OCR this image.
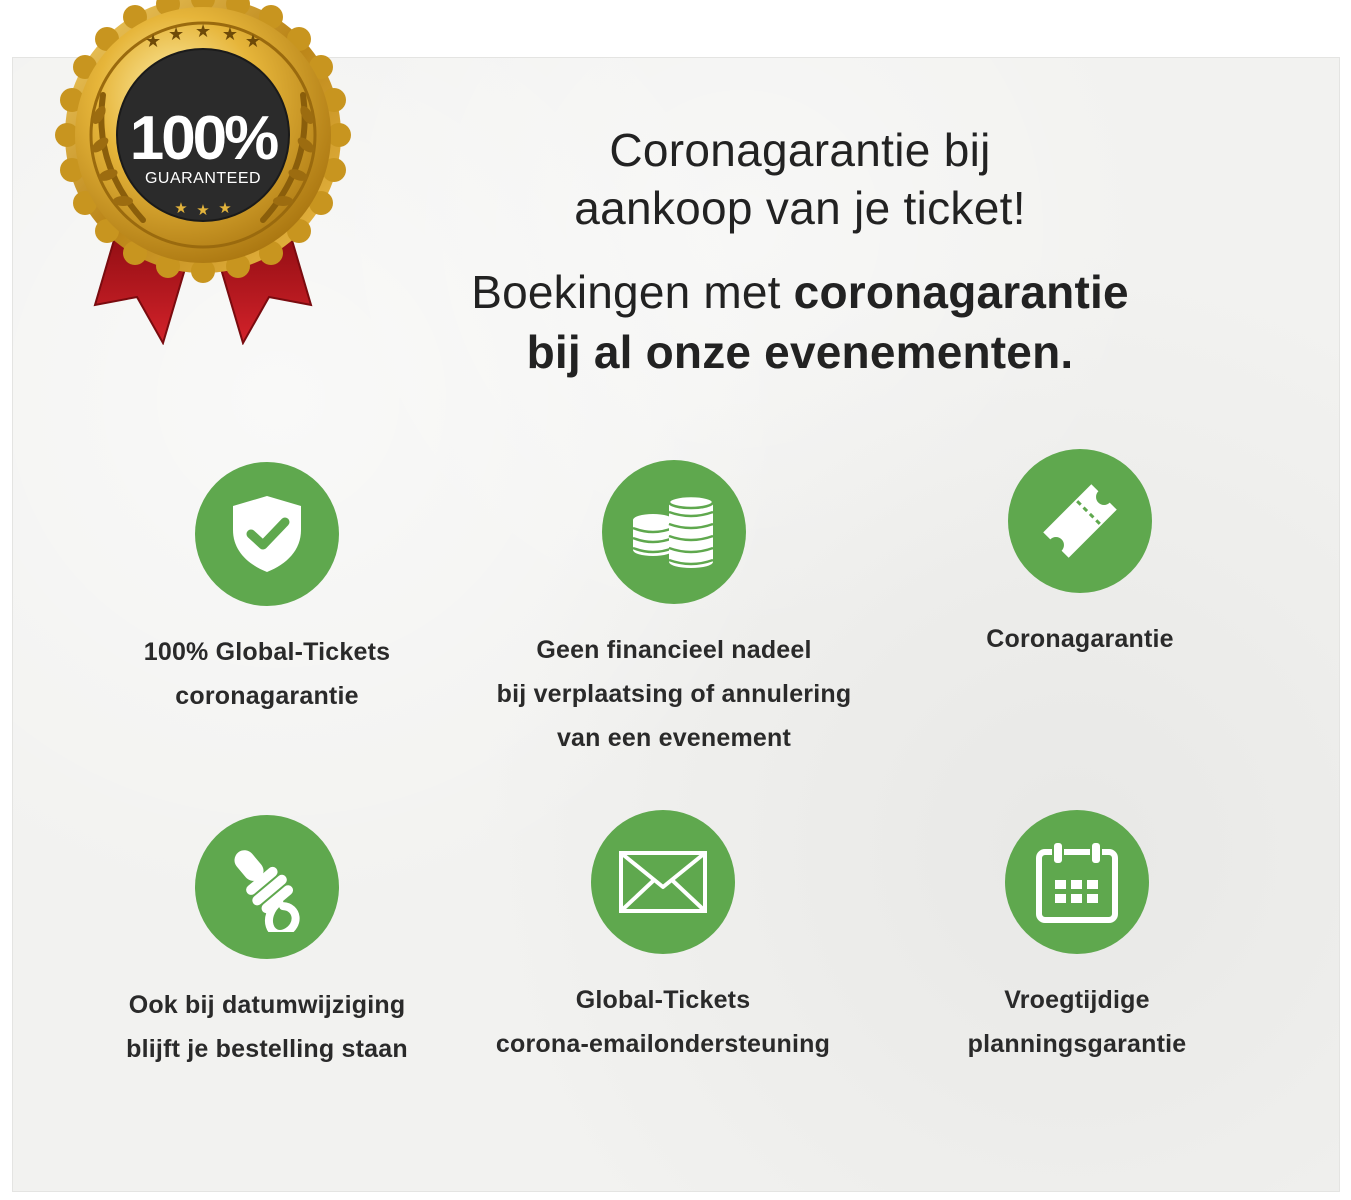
★ ★ ★ ★ ★
100%
GUARANTEED
★ ★ ★
Coronagarantie bij
aankoop van je ticket!
Boekingen met coronagarantie
bij al onze evenementen.
100% Global-Tickets
coronagarantie
Geen financieel nadeel
bij verplaatsing of annulering
van een evenement
Coronagarantie
Ook bij datumwijziging
blijft je bestelling staan
Global-Tickets
corona-emailondersteuning
Vroegtijdige
planningsgarantie
